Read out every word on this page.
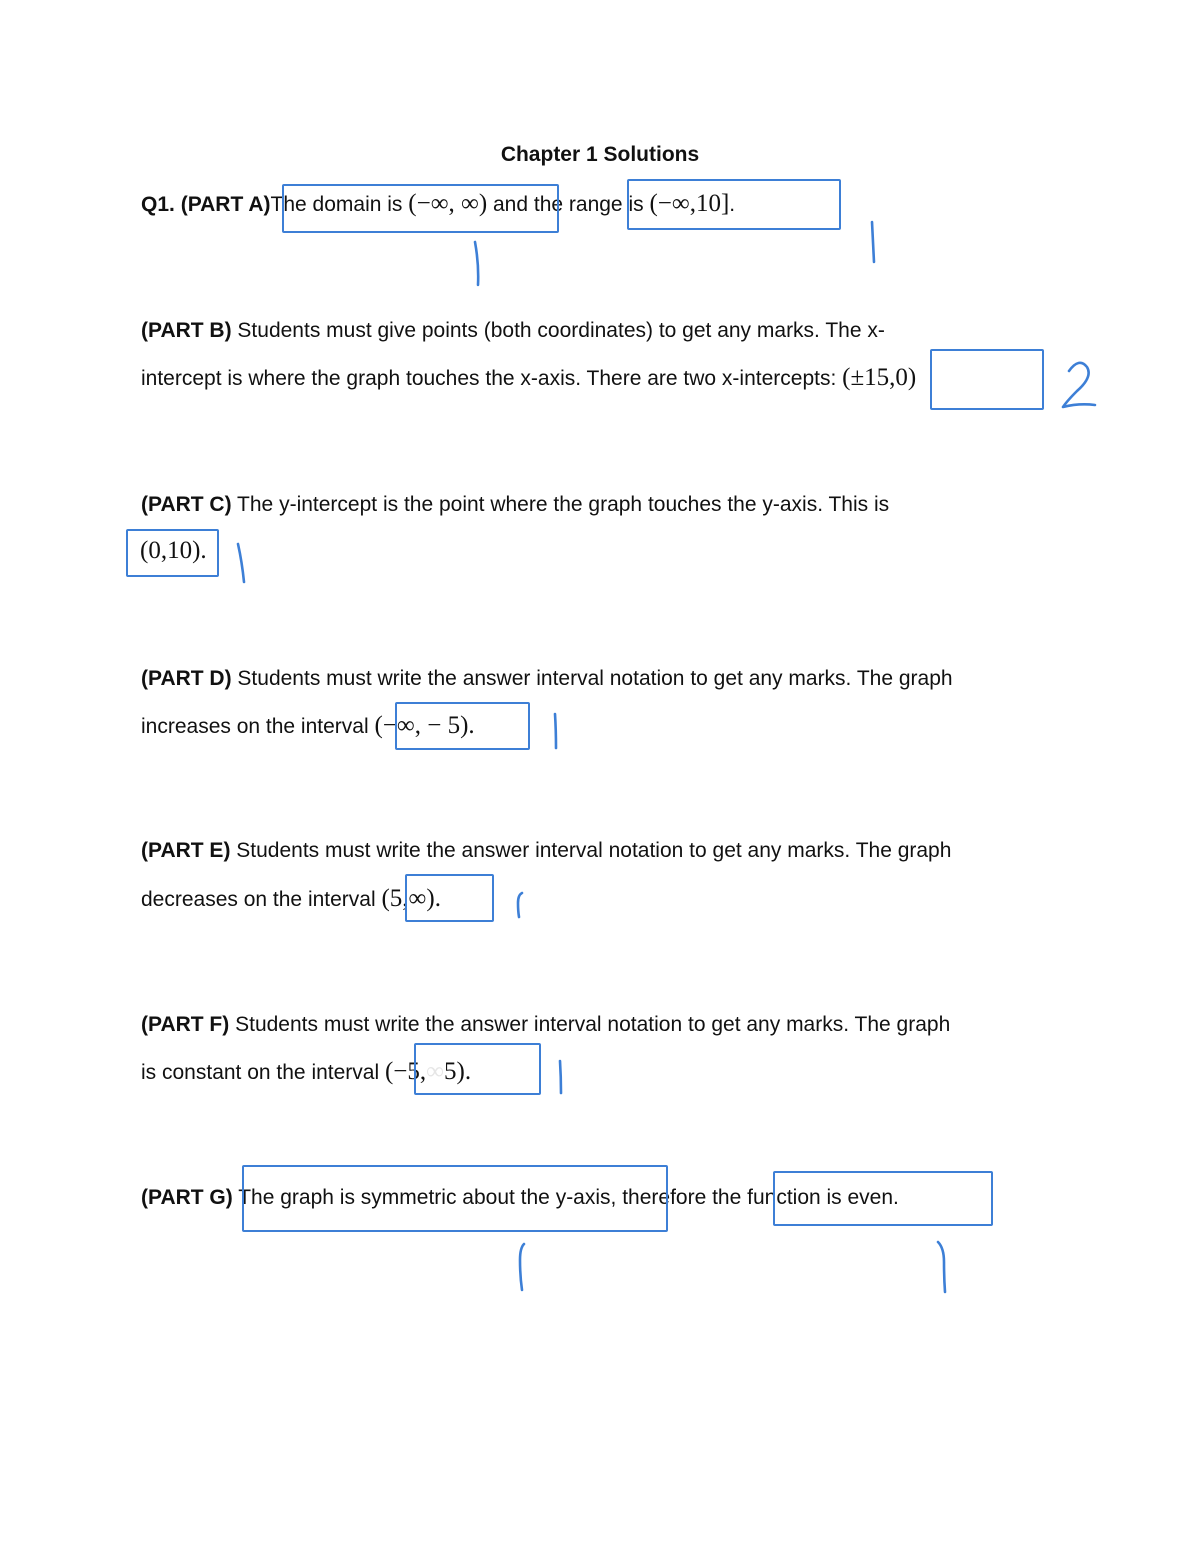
Chapter 1 Solutions
Q1. (PART A)The domain is (−∞, ∞) and the range is (−∞,10].
(PART B) Students must give points (both coordinates) to get any marks. The x-
intercept is where the graph touches the x-axis. There are two x-intercepts: (±15,0)
(PART C) The y-intercept is the point where the graph touches the y-axis. This is
(0,10).
(PART D) Students must write the answer interval notation to get any marks. The graph
increases on the interval (−∞, − 5).
(PART E) Students must write the answer interval notation to get any marks. The graph
decreases on the interval (5,∞).
(PART F) Students must write the answer interval notation to get any marks. The graph
is constant on the interval (−5,∞5).
(PART G) The graph is symmetric about the y-axis, therefore the function is even.
